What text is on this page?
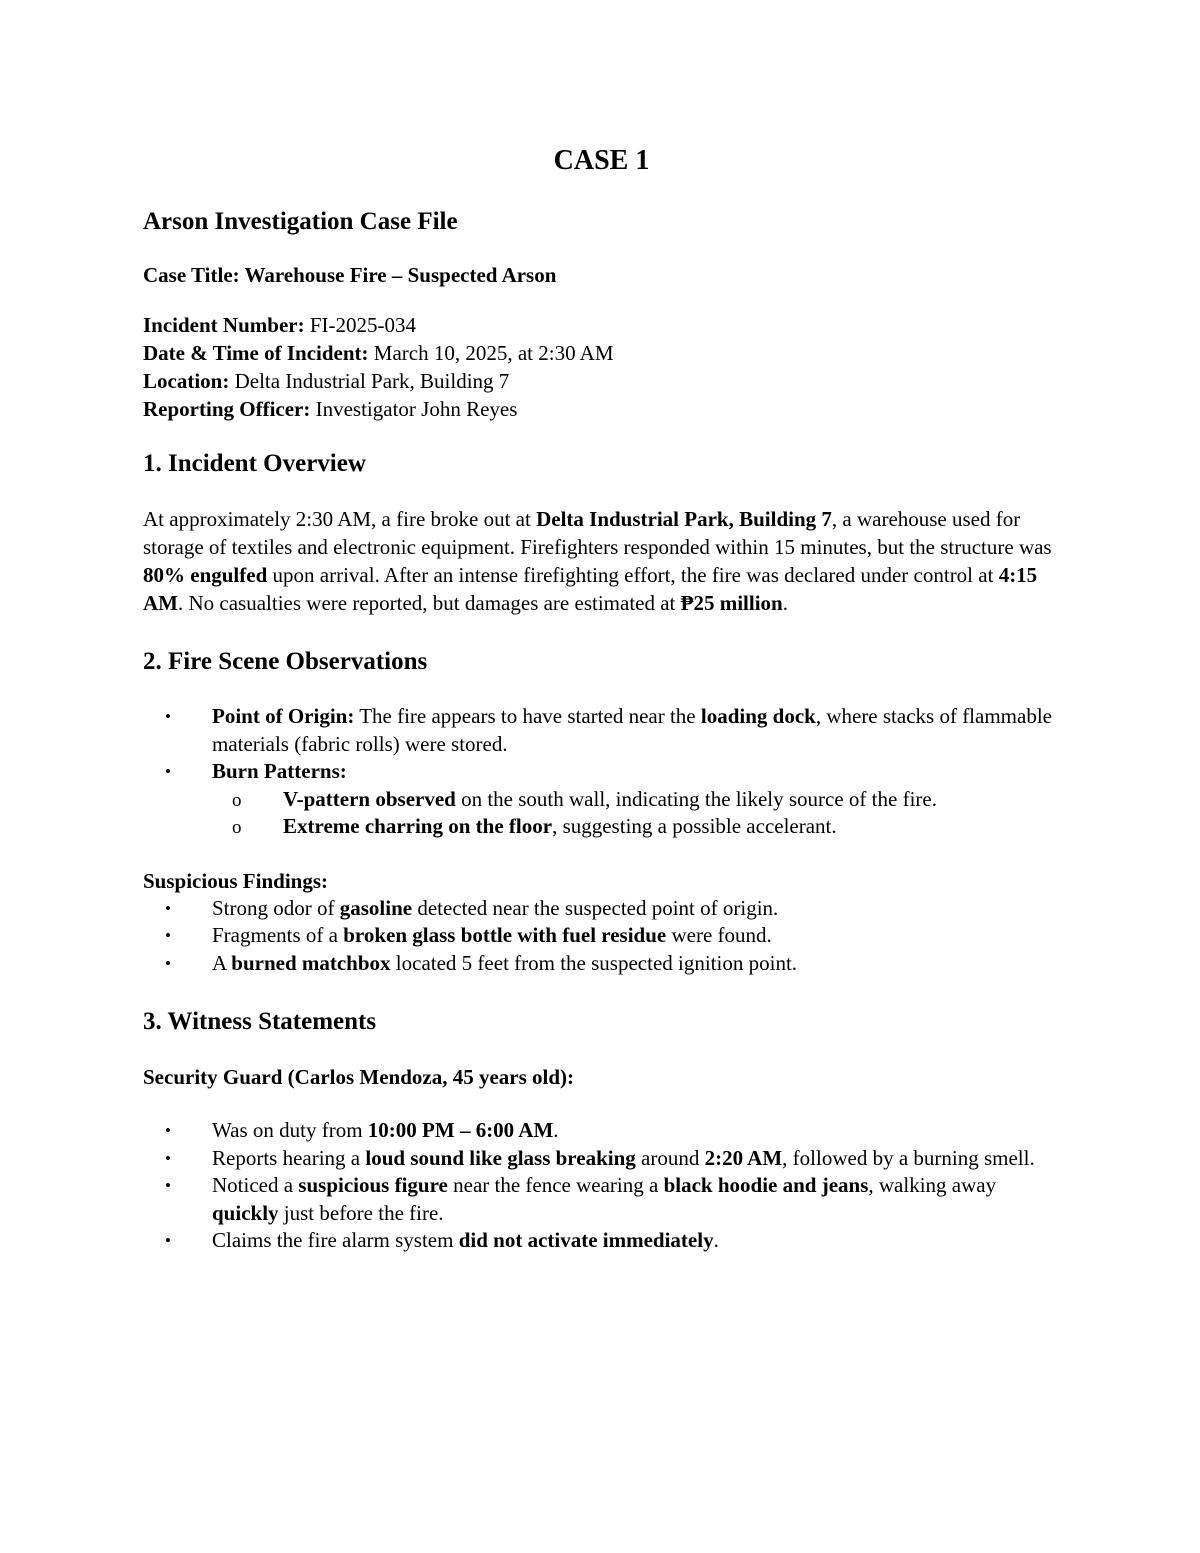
CASE 1

Arson Investigation Case File

Case Title: Warehouse Fire – Suspected Arson

Incident Number: FI-2025-034

Date & Time of Incident: March 10, 2025, at 2:30 AM

Location: Delta Industrial Park, Building 7

Reporting Officer: Investigator John Reyes

1. Incident Overview

At approximately 2:30 AM, a fire broke out at Delta Industrial Park, Building 7, a warehouse used for storage of textiles and electronic equipment. Firefighters responded within 15 minutes, but the structure was 80% engulfed upon arrival. After an intense firefighting effort, the fire was declared under control at 4:15 AM. No casualties were reported, but damages are estimated at ₱25 million.

2. Fire Scene Observations

• Point of Origin: The fire appears to have started near the loading dock, where stacks of flammable materials (fabric rolls) were stored.
• Burn Patterns:
o V-pattern observed on the south wall, indicating the likely source of the fire.
o Extreme charring on the floor, suggesting a possible accelerant.

Suspicious Findings:

• Strong odor of gasoline detected near the suspected point of origin.
• Fragments of a broken glass bottle with fuel residue were found.
• A burned matchbox located 5 feet from the suspected ignition point.

3. Witness Statements

Security Guard (Carlos Mendoza, 45 years old):

• Was on duty from 10:00 PM – 6:00 AM.
• Reports hearing a loud sound like glass breaking around 2:20 AM, followed by a burning smell.
• Noticed a suspicious figure near the fence wearing a black hoodie and jeans, walking away quickly just before the fire.
• Claims the fire alarm system did not activate immediately.
